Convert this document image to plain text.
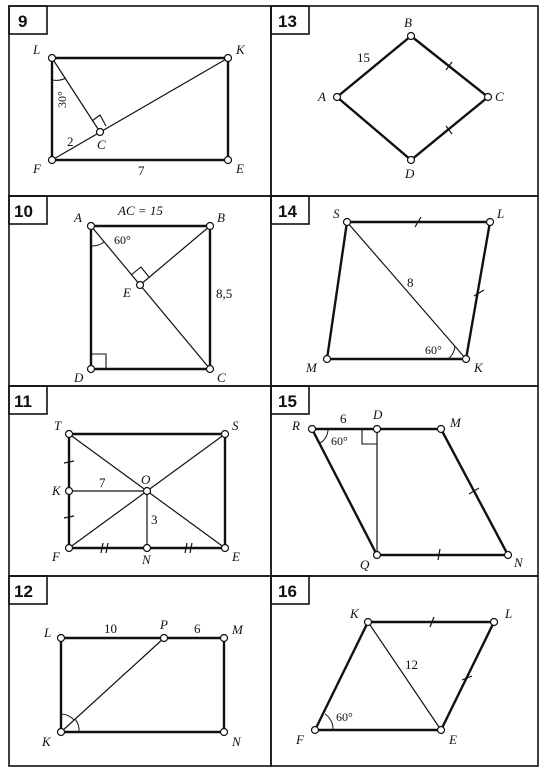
9	13
10	14
11	15
12	16
L	K
F	E
C
30°
2
7
B
A	C
D
15
A	B
E
D	C
AC = 15
60°
8,5
S	L
M	K
8
60°
T	S
K
O
F	N	E
7
3
R
D
M
Q	N
6
60°
L
P	M
K	N
10	6
K	L
F	E
12
60°
